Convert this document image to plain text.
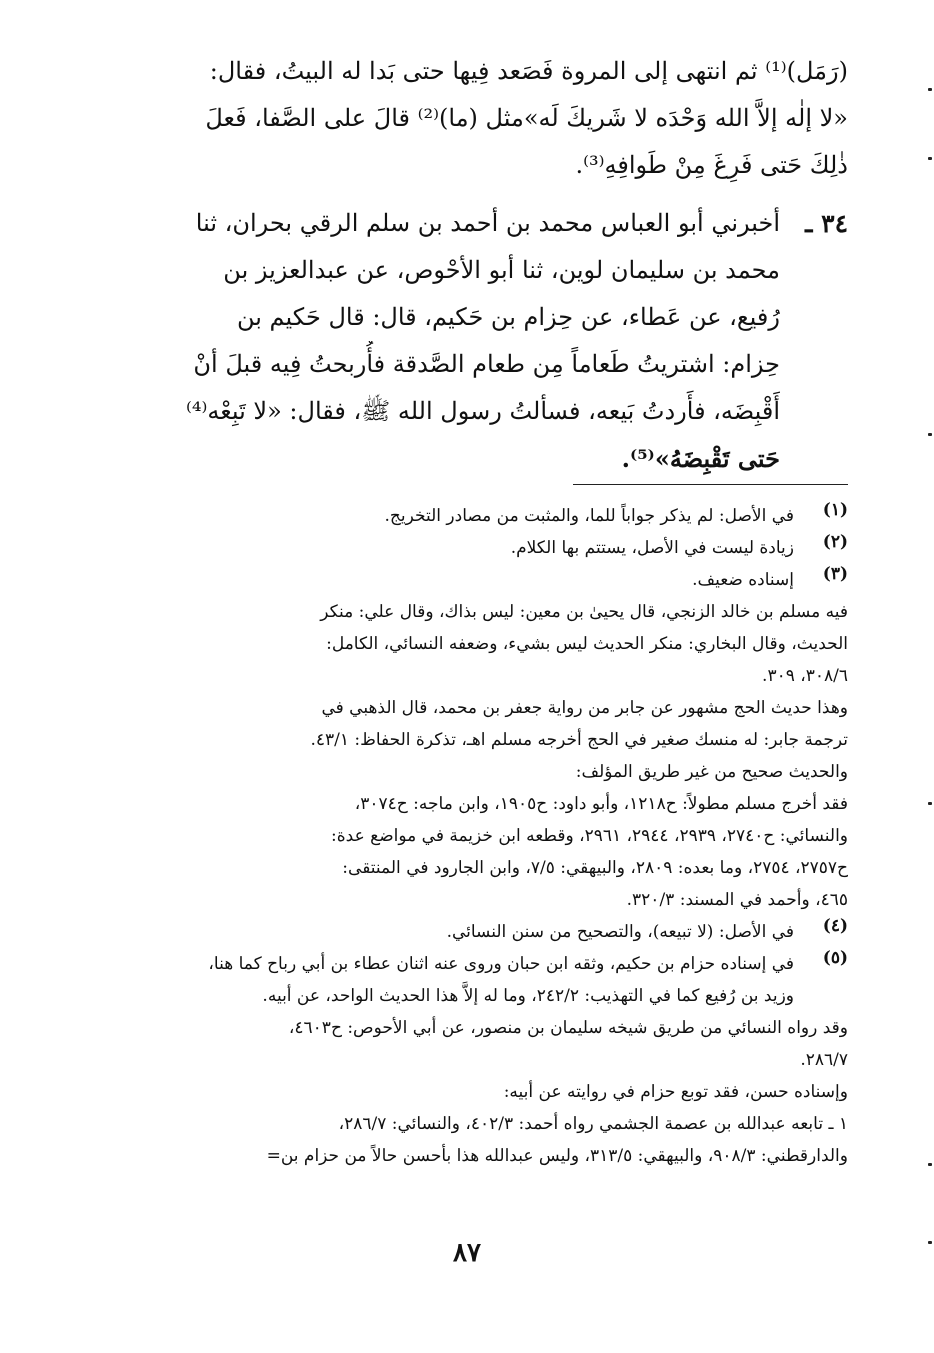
(رَمَل)⁽¹⁾ ثم انتهى إلى المروة فَصَعد فِيها حتى بَدا له البيتُ، فقال:
«لا إلٰه إلاَّ الله وَحْدَه لا شَريكَ لَه»مثل (ما)⁽²⁾ قالَ على الصَّفا، فَعلَ
ذٰلِكَ حَتى فَرِغَ مِنْ طَوافِهِ⁽³⁾.
٣٤ ـ
أخبرني أبو العباس محمد بن أحمد بن سلم الرقي بحران، ثنا
محمد بن سليمان لوين، ثنا أبو الأحْوص، عن عبدالعزيز بن
رُفيع، عن عَطاء، عن حِزام بن حَكيم، قال: قال حَكيم بن
حِزام: اشتريتُ طَعاماً مِن طعام الصَّدقة فأُربحتُ فِيه قبلَ أنْ
أَقْبِضَه، فأَردتُ بَيعه، فسألتُ رسول الله ﷺ، فقال: «لا تَبِعْه⁽⁴⁾
حَتى تَقْبِضَهُ»⁽⁵⁾.
(١)
في الأصل: لم يذكر جواباً للما، والمثبت من مصادر التخريج.
(٢)
زيادة ليست في الأصل، يستتم بها الكلام.
(٣)
إسناده ضعيف.
فيه مسلم بن خالد الزنجي، قال يحيىٰ بن معين: ليس بذاك، وقال علي: منكر
الحديث، وقال البخاري: منكر الحديث ليس بشيء، وضعفه النسائي، الكامل:
٣٠٨/٦، ٣٠٩.
وهذا حديث الحج مشهور عن جابر من رواية جعفر بن محمد، قال الذهبي في
ترجمة جابر: له منسك صغير في الحج أخرجه مسلم اهـ، تذكرة الحفاظ: ٤٣/١.
والحديث صحيح من غير طريق المؤلف:
فقد أخرج مسلم مطولاً: ح١٢١٨، وأبو داود: ح١٩٠٥، وابن ماجه: ح٣٠٧٤،
والنسائي: ح٢٧٤٠، ٢٩٣٩، ٢٩٤٤، ٢٩٦١، وقطعه ابن خزيمة في مواضع عدة:
ح٢٧٥٧، ٢٧٥٤، وما بعده: ٢٨٠٩، والبيهقي: ٧/٥، وابن الجارود في المنتقى:
٤٦٥، وأحمد في المسند: ٣٢٠/٣.
(٤)
في الأصل: (لا تبيعه)، والتصحيح من سنن النسائي.
(٥)
في إسناده حزام بن حكيم، وثقه ابن حبان وروى عنه اثنان عطاء بن أبي رباح كما هنا،
وزيد بن رُفيع كما في التهذيب: ٢٤٢/٢، وما له إلاَّ هذا الحديث الواحد، عن أبيه.
وقد رواه النسائي من طريق شيخه سليمان بن منصور، عن أبي الأحوص: ح٤٦٠٣،
٢٨٦/٧.
وإسناده حسن، فقد توبع حزام في روايته عن أبيه:
١ ـ تابعه عبدالله بن عصمة الجشمي رواه أحمد: ٤٠٢/٣، والنسائي: ٢٨٦/٧،
والدارقطني: ٩٠٨/٣، والبيهقي: ٣١٣/٥، وليس عبدالله هذا بأحسن حالاً من حزام بن=
٨٧
